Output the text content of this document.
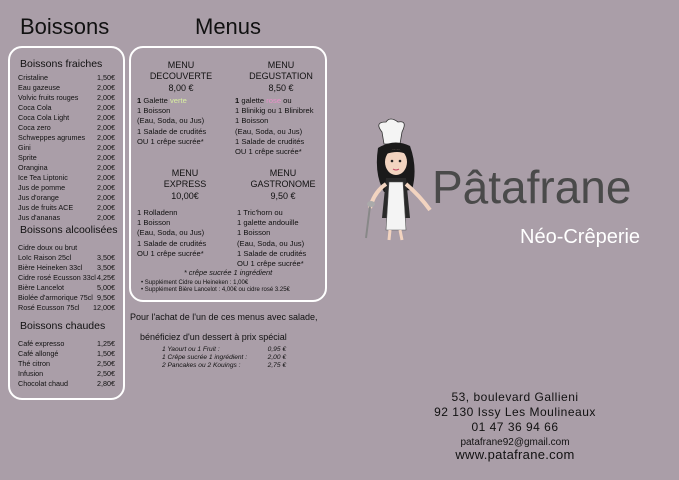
Boissons	Menus
Boissons fraiches
Cristaline	1,50€
Eau gazeuse	2,00€
Volvic fruits rouges	2,00€
Coca Cola	2,00€
Coca Cola Light	2,00€
Coca zero	2,00€
Schweppes agrumes 2,00€
Gini	2,00€
Sprite	2,00€
Orangina	2,00€
Ice Tea Liptonic	2,00€
Jus de pomme	2,00€
Jus d'orange	2,00€
Jus de fruits ACE	2,00€
Jus d'ananas	2,00€
Boissons alcoolisées
Cidre doux ou brut
Loïc Raison 25cl	3,50€
Bière Heineken 33cl 3,50€
Cidre rosé Ecusson 33cl 4,25€
Bière Lancelot	5,00€
Biolée d'armorique 75cl 9,50€
Rosé Ecusson 75cl 12,00€
Boissons chaudes
Café expresso	1,25€
Café allongé	1,50€
Thé citron	2,50€
Infusion	2,50€
Chocolat chaud	2,80€
MENU
DECOUVERTE
8,00 €
1 Galette verte
1 Boisson
(Eau, Soda, ou Jus)
1 Salade de crudités
OU 1 crêpe sucrée*
MENU
DEGUSTATION
8,50 €
1 galette rose ou
1 Blinikig ou 1 Blinibrek
1 Boisson
(Eau, Soda, ou Jus)
1 Salade de crudités
OU 1 crêpe sucrée*
MENU
EXPRESS
10,00€
1 Rolladenn
1 Boisson
(Eau, Soda, ou Jus)
1 Salade de crudités
OU 1 crêpe sucrée*
MENU
GASTRONOME
9,50 €
1 Tric'horn ou
1 galette andouille
1 Boisson
(Eau, Soda, ou Jus)
1 Salade de crudités
OU 1 crêpe sucrée*
* crêpe sucrée 1 ingrédient
• Supplément Cidre ou Heineken : 1,00€
• Supplément Bière Lancelot : 4,00€ ou cidre rosé 3.25€
Pour l'achat de l'un de ces menus avec salade,
bénéficiez d'un dessert à prix spécial
1 Yaourt ou 1 Fruit :	0,95 €
1 Crêpe sucrée 1 ingrédient :	2,00 €
2 Pancakes ou 2 Kouings :	2,75 €
Pâtafrane
Néo-Crêperie
53, boulevard Gallieni
92 130 Issy Les Moulineaux
01 47 36 94 66
patafrane92@gmail.com
www.patafrane.com
